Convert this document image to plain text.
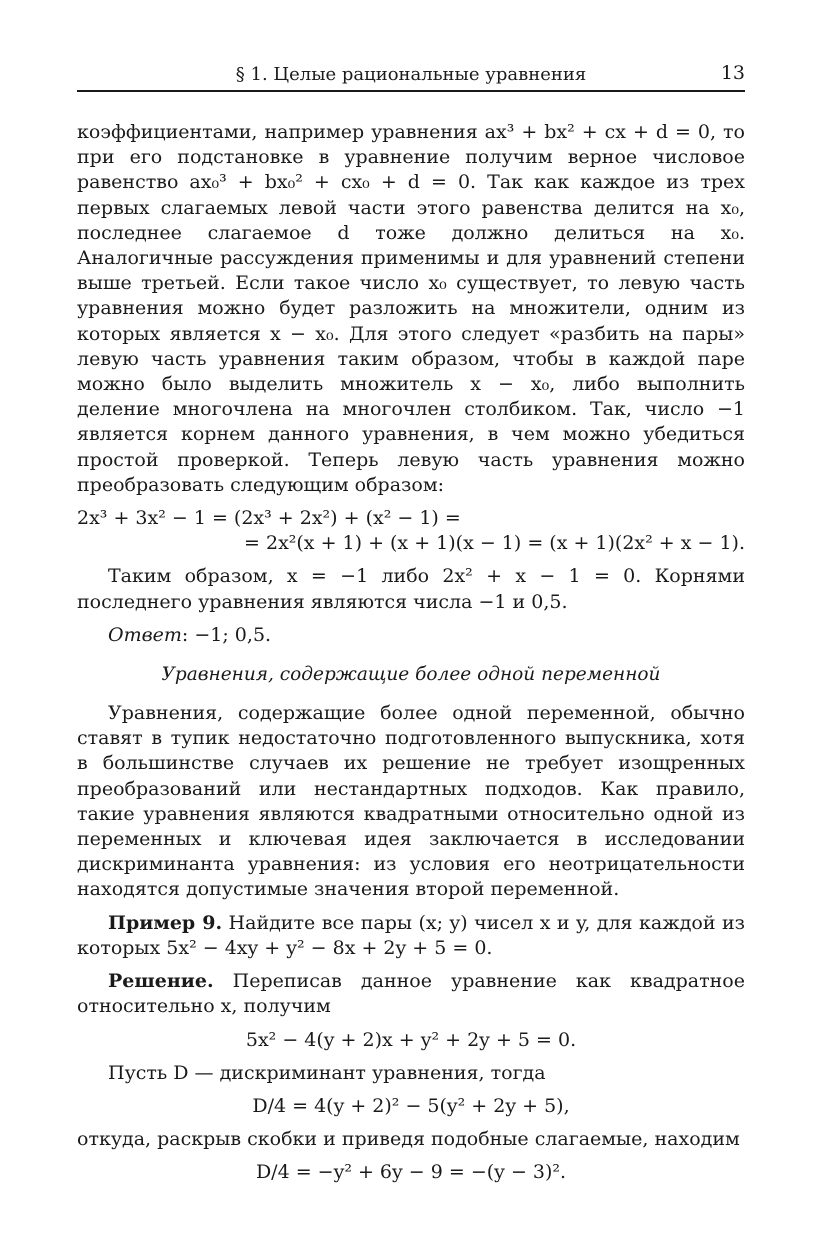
§ 1. Целые рациональные уравнения	13

коэффициентами, например уравнения ax³ + bx² + cx + d = 0, то при его подстановке в уравнение получим верное числовое равенство ax₀³ + bx₀² + cx₀ + d = 0. Так как каждое из трех первых слагаемых левой части этого равенства делится на x₀, последнее слагаемое d тоже должно делиться на x₀. Аналогичные рассуждения применимы и для уравнений степени выше третьей. Если такое число x₀ существует, то левую часть уравнения можно будет разложить на множители, одним из которых является x − x₀. Для этого следует «разбить на пары» левую часть уравнения таким образом, чтобы в каждой паре можно было выделить множитель x − x₀, либо выполнить деление многочлена на многочлен столбиком. Так, число −1 является корнем данного уравнения, в чем можно убедиться простой проверкой. Теперь левую часть уравнения можно преобразовать следующим образом:

2x³ + 3x² − 1 = (2x³ + 2x²) + (x² − 1) =
= 2x²(x + 1) + (x + 1)(x − 1) = (x + 1)(2x² + x − 1).

Таким образом, x = −1 либо 2x² + x − 1 = 0. Корнями последнего уравнения являются числа −1 и 0,5.

Ответ: −1; 0,5.

Уравнения, содержащие более одной переменной

Уравнения, содержащие более одной переменной, обычно ставят в тупик недостаточно подготовленного выпускника, хотя в большинстве случаев их решение не требует изощренных преобразований или нестандартных подходов. Как правило, такие уравнения являются квадратными относительно одной из переменных и ключевая идея заключается в исследовании дискриминанта уравнения: из условия его неотрицательности находятся допустимые значения второй переменной.

Пример 9. Найдите все пары (x; y) чисел x и y, для каждой из которых 5x² − 4xy + y² − 8x + 2y + 5 = 0.

Решение. Переписав данное уравнение как квадратное относительно x, получим

5x² − 4(y + 2)x + y² + 2y + 5 = 0.

Пусть D — дискриминант уравнения, тогда

D/4 = 4(y + 2)² − 5(y² + 2y + 5),

откуда, раскрыв скобки и приведя подобные слагаемые, находим

D/4 = −y² + 6y − 9 = −(y − 3)².
